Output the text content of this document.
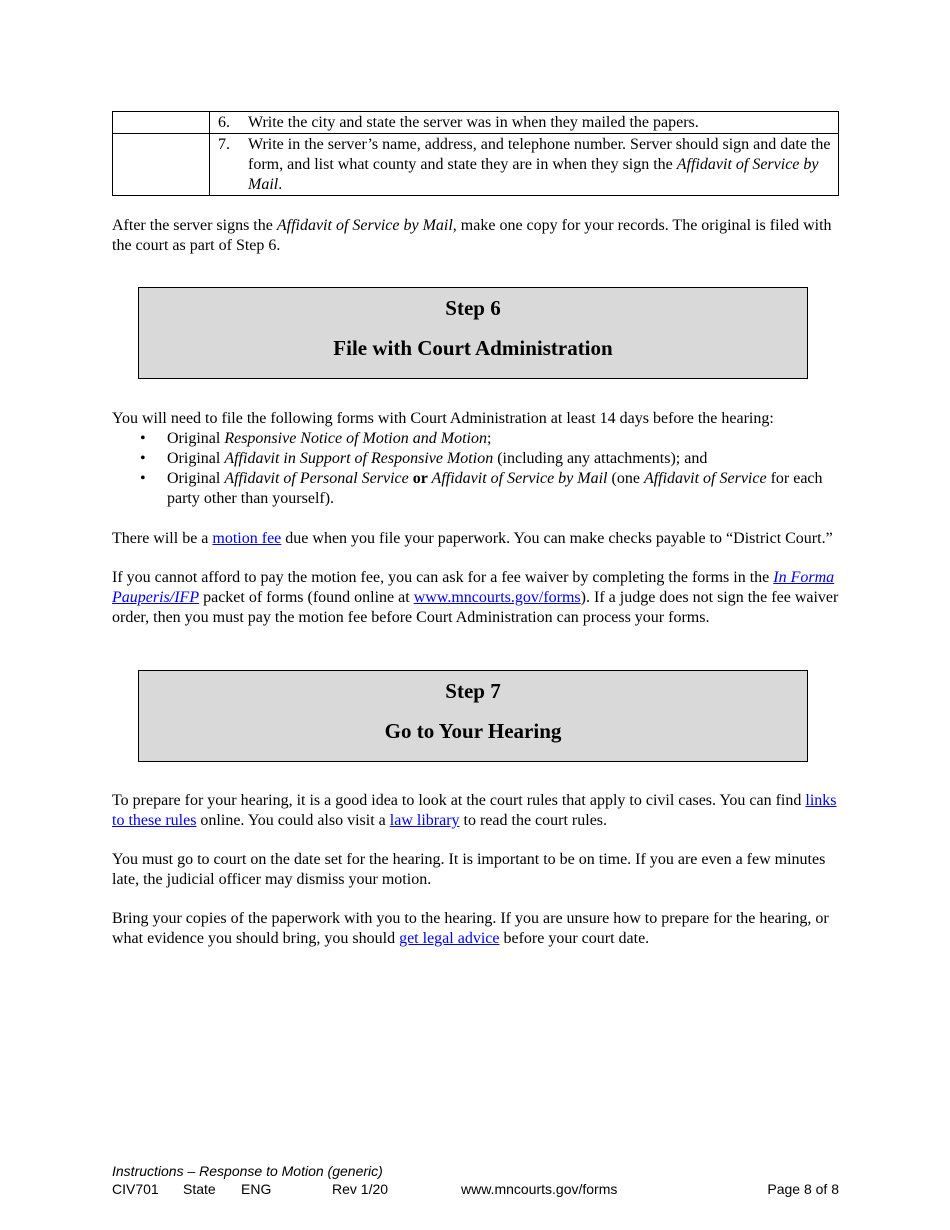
	6. Write the city and state the server was in when they mailed the papers.

	7. Write in the server’s name, address, and telephone number. Server should sign and date the form, and list what county and state they are in when they sign the Affidavit of Service by Mail.

After the server signs the Affidavit of Service by Mail, make one copy for your records. The original is filed with the court as part of Step 6.

Step 6
File with Court Administration

You will need to file the following forms with Court Administration at least 14 days before the hearing:

• Original Responsive Notice of Motion and Motion;
• Original Affidavit in Support of Responsive Motion (including any attachments); and
• Original Affidavit of Personal Service or Affidavit of Service by Mail (one Affidavit of Service for each party other than yourself).

There will be a motion fee due when you file your paperwork. You can make checks payable to “District Court.”

If you cannot afford to pay the motion fee, you can ask for a fee waiver by completing the forms in the In Forma Pauperis/IFP packet of forms (found online at www.mncourts.gov/forms). If a judge does not sign the fee waiver order, then you must pay the motion fee before Court Administration can process your forms.

Step 7
Go to Your Hearing

To prepare for your hearing, it is a good idea to look at the court rules that apply to civil cases. You can find links to these rules online. You could also visit a law library to read the court rules.

You must go to court on the date set for the hearing. It is important to be on time. If you are even a few minutes late, the judicial officer may dismiss your motion.

Bring your copies of the paperwork with you to the hearing. If you are unsure how to prepare for the hearing, or what evidence you should bring, you should get legal advice before your court date.

Instructions – Response to Motion (generic)
CIV701 State ENG	Rev 1/20	www.mncourts.gov/forms	Page 8 of 8
